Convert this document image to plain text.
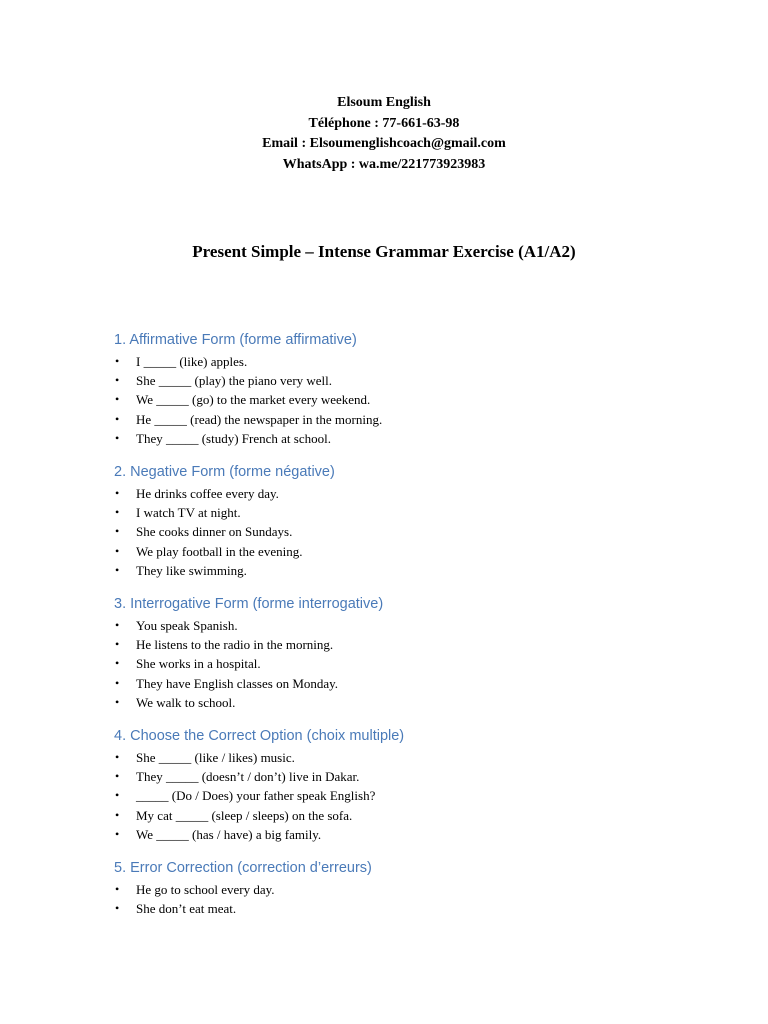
Elsoum English
Téléphone : 77-661-63-98
Email : Elsoumenglishcoach@gmail.com
WhatsApp : wa.me/221773923983
Present Simple – Intense Grammar Exercise (A1/A2)
1. Affirmative Form (forme affirmative)
• I _____ (like) apples.
• She _____ (play) the piano very well.
• We _____ (go) to the market every weekend.
• He _____ (read) the newspaper in the morning.
• They _____ (study) French at school.
2. Negative Form (forme négative)
• He drinks coffee every day.
• I watch TV at night.
• She cooks dinner on Sundays.
• We play football in the evening.
• They like swimming.
3. Interrogative Form (forme interrogative)
• You speak Spanish.
• He listens to the radio in the morning.
• She works in a hospital.
• They have English classes on Monday.
• We walk to school.
4. Choose the Correct Option (choix multiple)
• She _____ (like / likes) music.
• They _____ (doesn’t / don’t) live in Dakar.
• _____ (Do / Does) your father speak English?
• My cat _____ (sleep / sleeps) on the sofa.
• We _____ (has / have) a big family.
5. Error Correction (correction d’erreurs)
• He go to school every day.
• She don’t eat meat.
